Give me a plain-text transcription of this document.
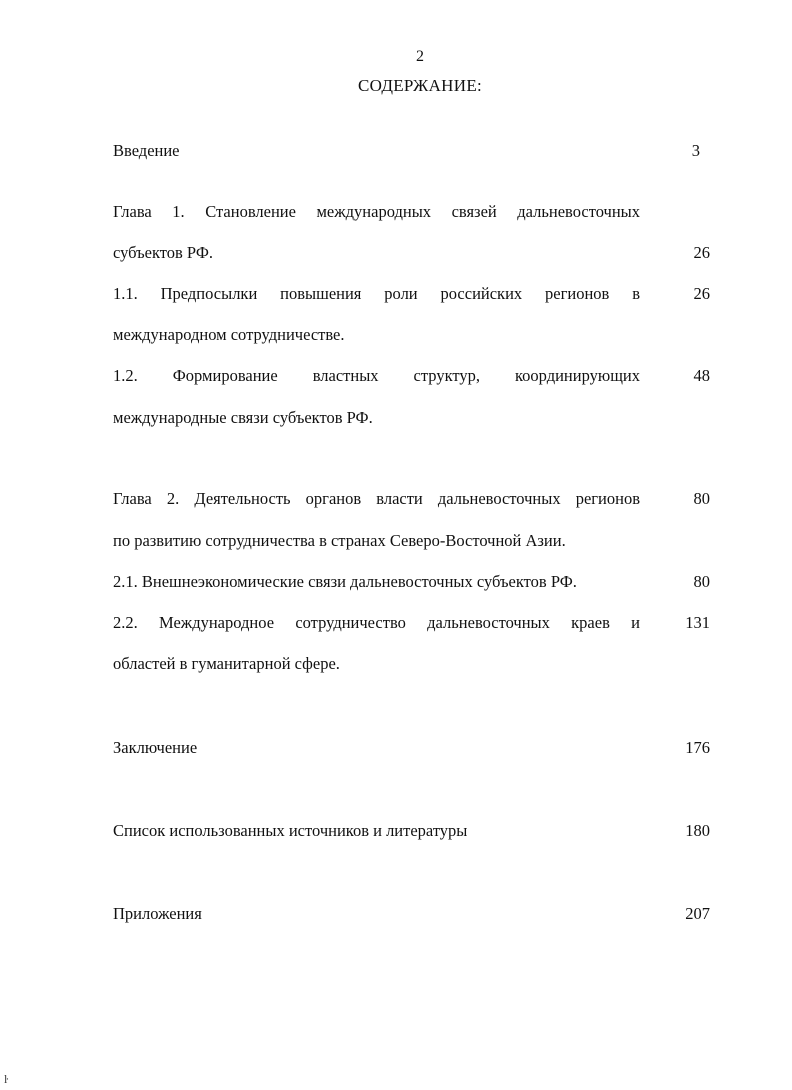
2
СОДЕРЖАНИЕ:
Введение	3
Глава 1. Становление международных связей дальневосточных
субъектов РФ.	26
1.1. Предпосылки повышения роли российских регионов в	26
международном сотрудничестве.
1.2. Формирование властных структур, координирующих	48
международные связи субъектов РФ.
Глава 2. Деятельность органов власти дальневосточных регионов	80
по развитию сотрудничества в странах Северо-Восточной Азии.
2.1. Внешнеэкономические связи дальневосточных субъектов РФ.	80
2.2. Международное сотрудничество дальневосточных краев и	131
областей в гуманитарной сфере.
Заключение	176
Список использованных источников и литературы	180
Приложения	207
ŀ
